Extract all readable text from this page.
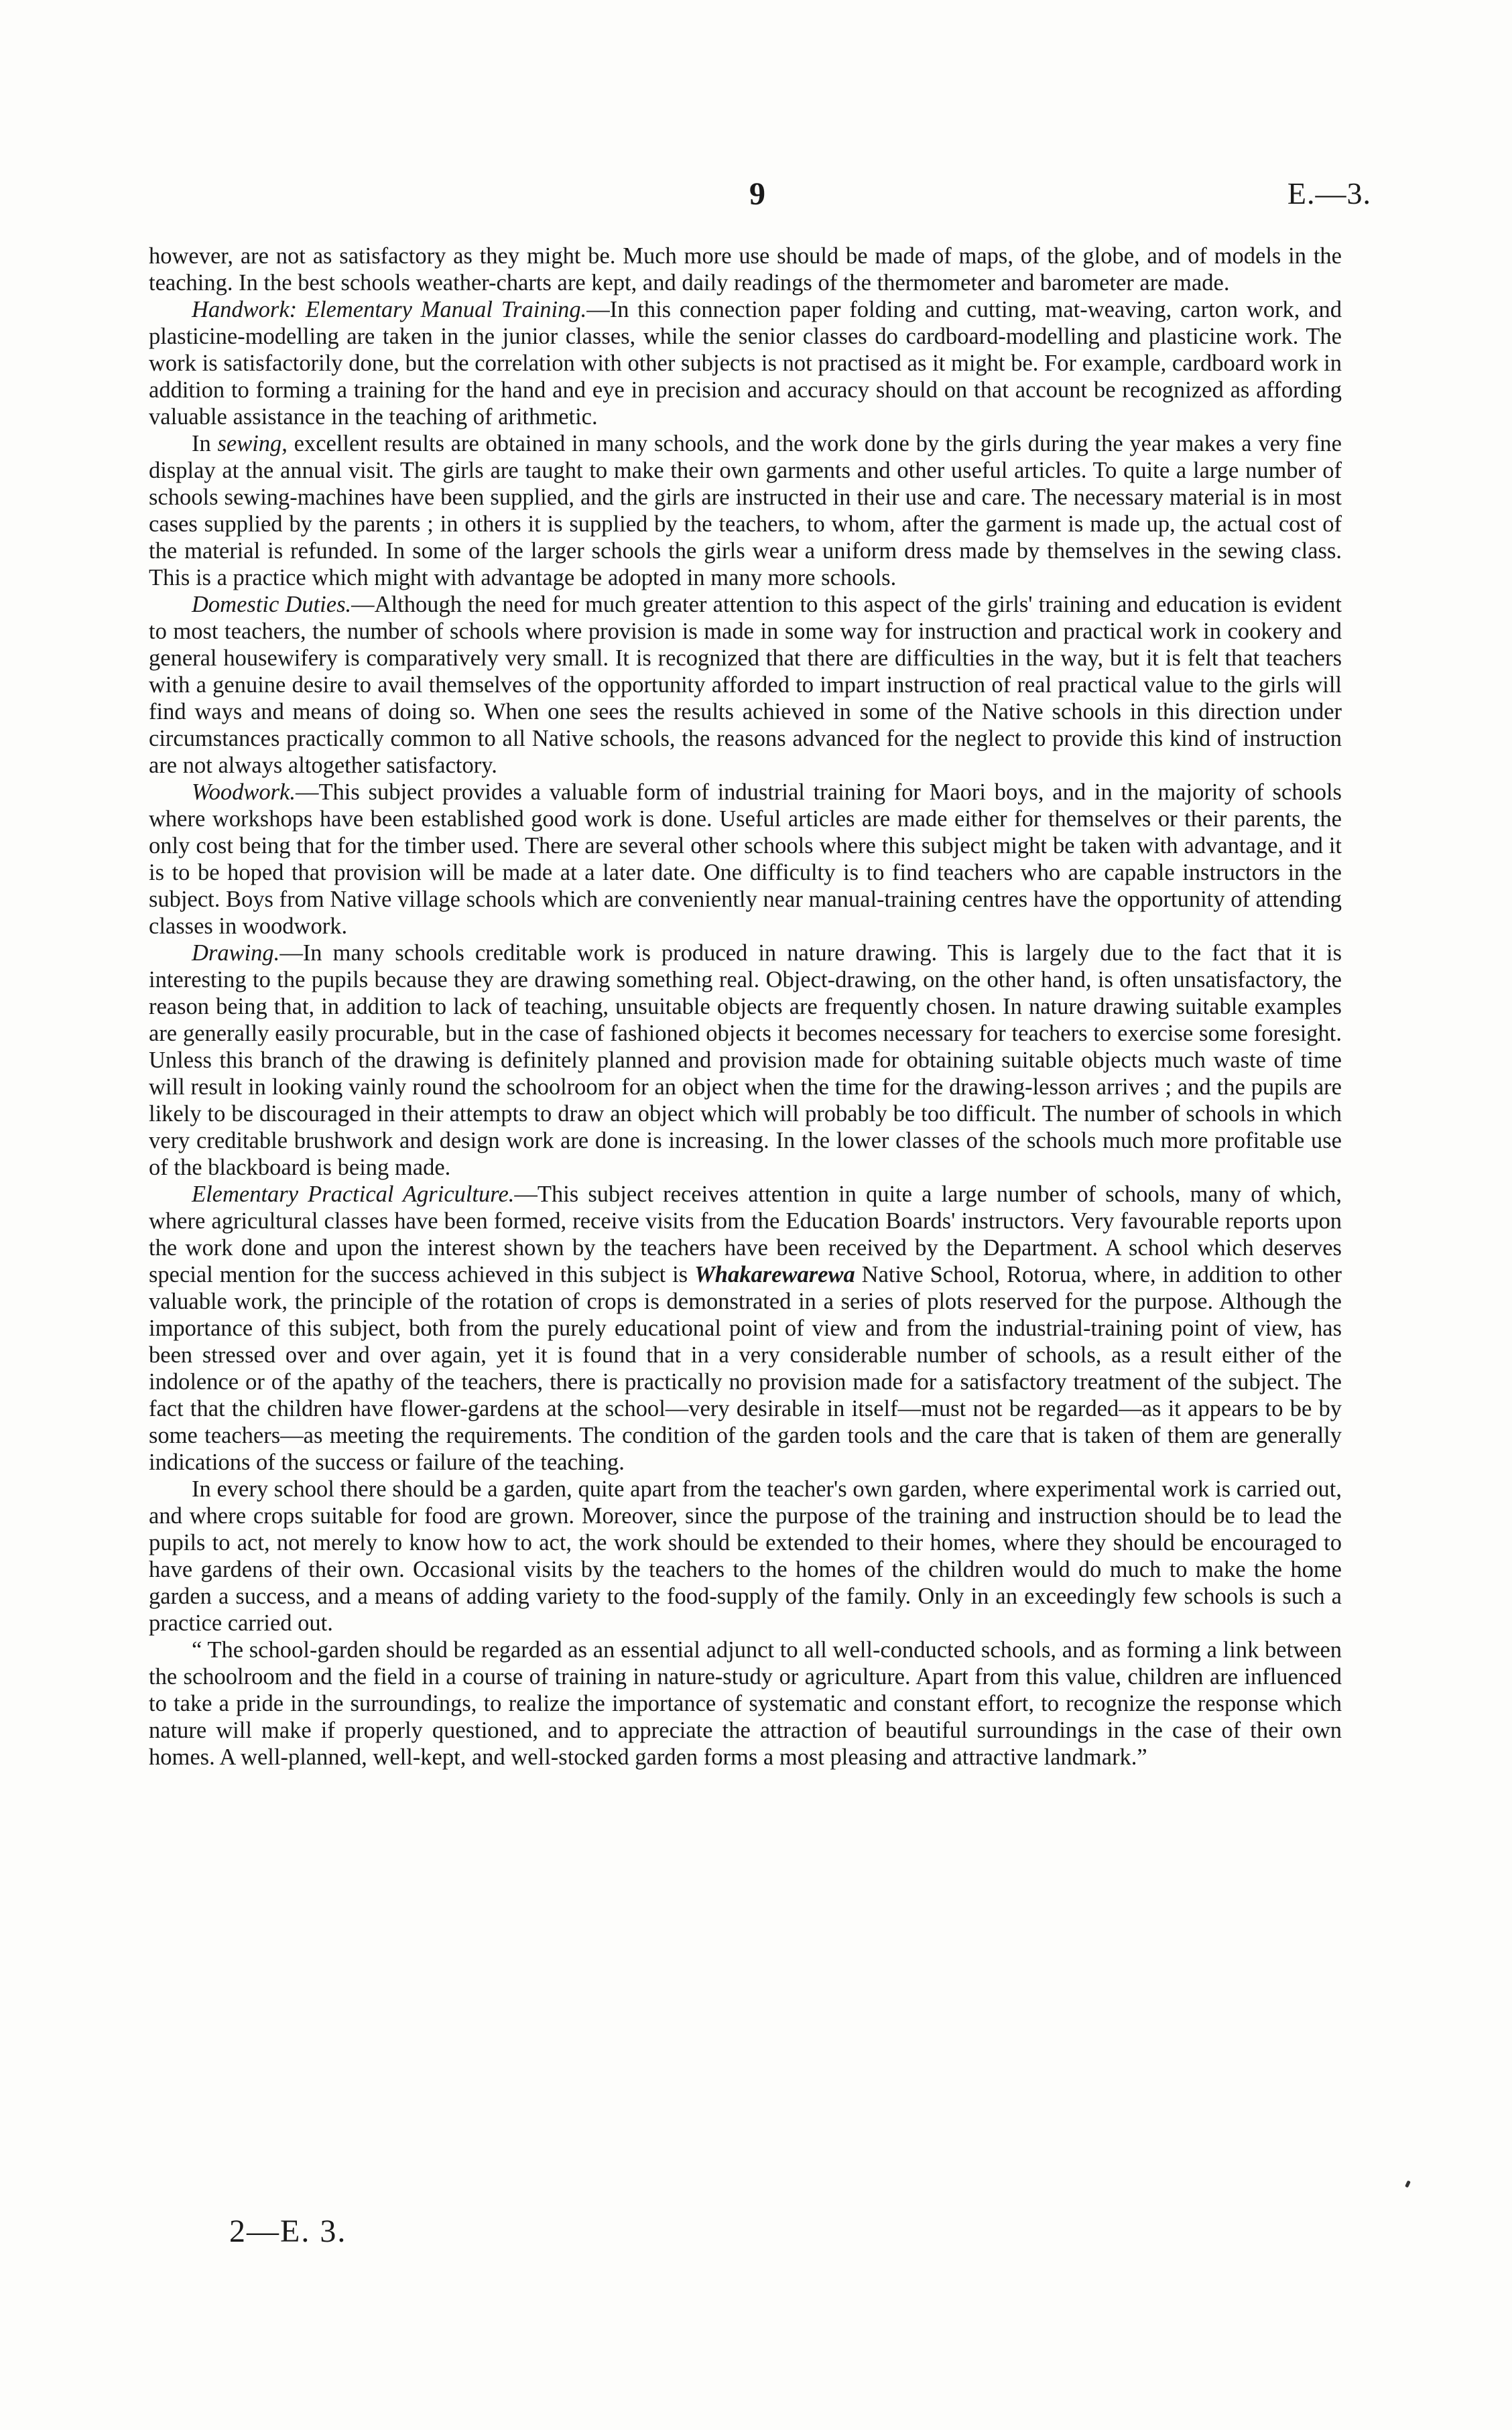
9	E.—3.

however, are not as satisfactory as they might be. Much more use should be made of maps, of the globe, and of models in the teaching. In the best schools weather-charts are kept, and daily readings of the thermometer and barometer are made.

Handwork: Elementary Manual Training.—In this connection paper folding and cutting, mat-weaving, carton work, and plasticine-modelling are taken in the junior classes, while the senior classes do cardboard-modelling and plasticine work. The work is satisfactorily done, but the correlation with other subjects is not practised as it might be. For example, cardboard work in addition to forming a training for the hand and eye in precision and accuracy should on that account be recognized as affording valuable assistance in the teaching of arithmetic.

In sewing, excellent results are obtained in many schools, and the work done by the girls during the year makes a very fine display at the annual visit. The girls are taught to make their own garments and other useful articles. To quite a large number of schools sewing-machines have been supplied, and the girls are instructed in their use and care. The necessary material is in most cases supplied by the parents ; in others it is supplied by the teachers, to whom, after the garment is made up, the actual cost of the material is refunded. In some of the larger schools the girls wear a uniform dress made by themselves in the sewing class. This is a practice which might with advantage be adopted in many more schools.

Domestic Duties.—Although the need for much greater attention to this aspect of the girls' training and education is evident to most teachers, the number of schools where provision is made in some way for instruction and practical work in cookery and general housewifery is comparatively very small. It is recognized that there are difficulties in the way, but it is felt that teachers with a genuine desire to avail themselves of the opportunity afforded to impart instruction of real practical value to the girls will find ways and means of doing so. When one sees the results achieved in some of the Native schools in this direction under circumstances practically common to all Native schools, the reasons advanced for the neglect to provide this kind of instruction are not always altogether satisfactory.

Woodwork.—This subject provides a valuable form of industrial training for Maori boys, and in the majority of schools where workshops have been established good work is done. Useful articles are made either for themselves or their parents, the only cost being that for the timber used. There are several other schools where this subject might be taken with advantage, and it is to be hoped that provision will be made at a later date. One difficulty is to find teachers who are capable instructors in the subject. Boys from Native village schools which are conveniently near manual-training centres have the opportunity of attending classes in woodwork.

Drawing.—In many schools creditable work is produced in nature drawing. This is largely due to the fact that it is interesting to the pupils because they are drawing something real. Object-drawing, on the other hand, is often unsatisfactory, the reason being that, in addition to lack of teaching, unsuitable objects are frequently chosen. In nature drawing suitable examples are generally easily procurable, but in the case of fashioned objects it becomes necessary for teachers to exercise some foresight. Unless this branch of the drawing is definitely planned and provision made for obtaining suitable objects much waste of time will result in looking vainly round the schoolroom for an object when the time for the drawing-lesson arrives ; and the pupils are likely to be discouraged in their attempts to draw an object which will probably be too difficult. The number of schools in which very creditable brushwork and design work are done is increasing. In the lower classes of the schools much more profitable use of the blackboard is being made.

Elementary Practical Agriculture.—This subject receives attention in quite a large number of schools, many of which, where agricultural classes have been formed, receive visits from the Education Boards' instructors. Very favourable reports upon the work done and upon the interest shown by the teachers have been received by the Department. A school which deserves special mention for the success achieved in this subject is Whakarewarewa Native School, Rotorua, where, in addition to other valuable work, the principle of the rotation of crops is demonstrated in a series of plots reserved for the purpose. Although the importance of this subject, both from the purely educational point of view and from the industrial-training point of view, has been stressed over and over again, yet it is found that in a very considerable number of schools, as a result either of the indolence or of the apathy of the teachers, there is practically no provision made for a satisfactory treatment of the subject. The fact that the children have flower-gardens at the school—very desirable in itself—must not be regarded—as it appears to be by some teachers—as meeting the requirements. The condition of the garden tools and the care that is taken of them are generally indications of the success or failure of the teaching.

In every school there should be a garden, quite apart from the teacher's own garden, where experimental work is carried out, and where crops suitable for food are grown. Moreover, since the purpose of the training and instruction should be to lead the pupils to act, not merely to know how to act, the work should be extended to their homes, where they should be encouraged to have gardens of their own. Occasional visits by the teachers to the homes of the children would do much to make the home garden a success, and a means of adding variety to the food-supply of the family. Only in an exceedingly few schools is such a practice carried out.

“ The school-garden should be regarded as an essential adjunct to all well-conducted schools, and as forming a link between the schoolroom and the field in a course of training in nature-study or agriculture. Apart from this value, children are influenced to take a pride in the surroundings, to realize the importance of systematic and constant effort, to recognize the response which nature will make if properly questioned, and to appreciate the attraction of beautiful surroundings in the case of their own homes. A well-planned, well-kept, and well-stocked garden forms a most pleasing and attractive landmark.”

2—E. 3.
